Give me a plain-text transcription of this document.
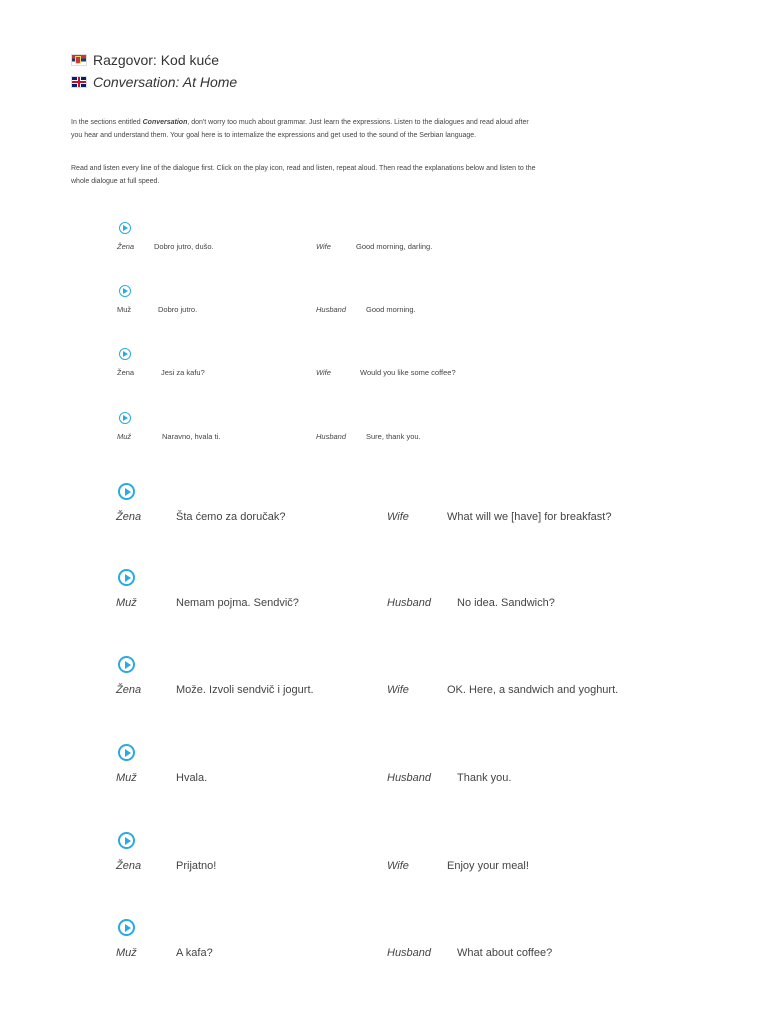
Razgovor: Kod kuće
Conversation: At Home

In the sections entitled Conversation, don't worry too much about grammar. Just learn the expressions. Listen to the dialogues and read aloud after you hear and understand them. Your goal here is to internalize the expressions and get used to the sound of the Serbian language.

Read and listen every line of the dialogue first. Click on the play icon, read and listen, repeat aloud. Then read the explanations below and listen to the whole dialogue at full speed.

Žena	Dobro jutro, dušo.	Wife	Good morning, darling.
Muž	Dobro jutro.	Husband	Good morning.
Žena	Jesi za kafu?	Wife	Would you like some coffee?
Muž	Naravno, hvala ti.	Husband	Sure, thank you.
Žena	Šta ćemo za doručak?	Wife	What will we [have] for breakfast?
Muž	Nemam pojma. Sendvič?	Husband No idea. Sandwich?
Žena	Može. Izvoli sendvič i jogurt.	Wife	OK. Here, a sandwich and yoghurt.
Muž	Hvala.	Husband Thank you.
Žena	Prijatno!	Wife	Enjoy your meal!
Muž	A kafa?	Husband What about coffee?
